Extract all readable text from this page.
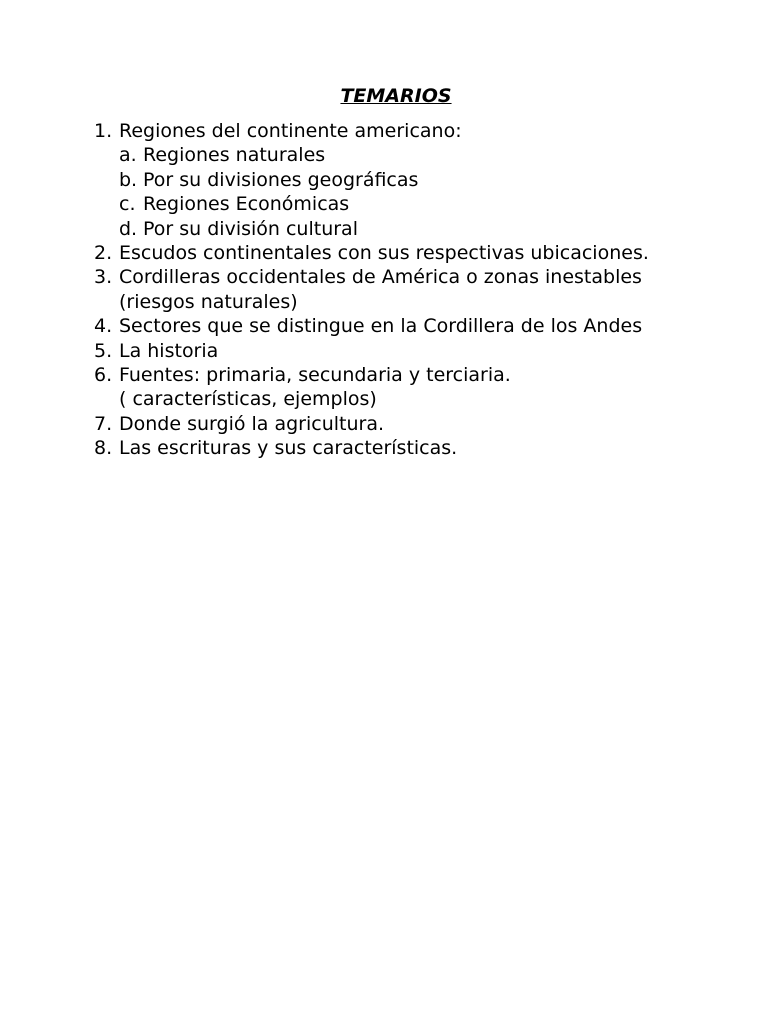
TEMARIOS
1. Regiones del continente americano:
a. Regiones naturales
b. Por su divisiones geográficas
c. Regiones Económicas
d. Por su división cultural
2. Escudos continentales con sus respectivas ubicaciones.
3. Cordilleras occidentales de América o zonas inestables
(riesgos naturales)
4. Sectores que se distingue en la Cordillera de los Andes
5. La historia
6. Fuentes: primaria, secundaria y terciaria.
( características, ejemplos)
7. Donde surgió la agricultura.
8. Las escrituras y sus características.
